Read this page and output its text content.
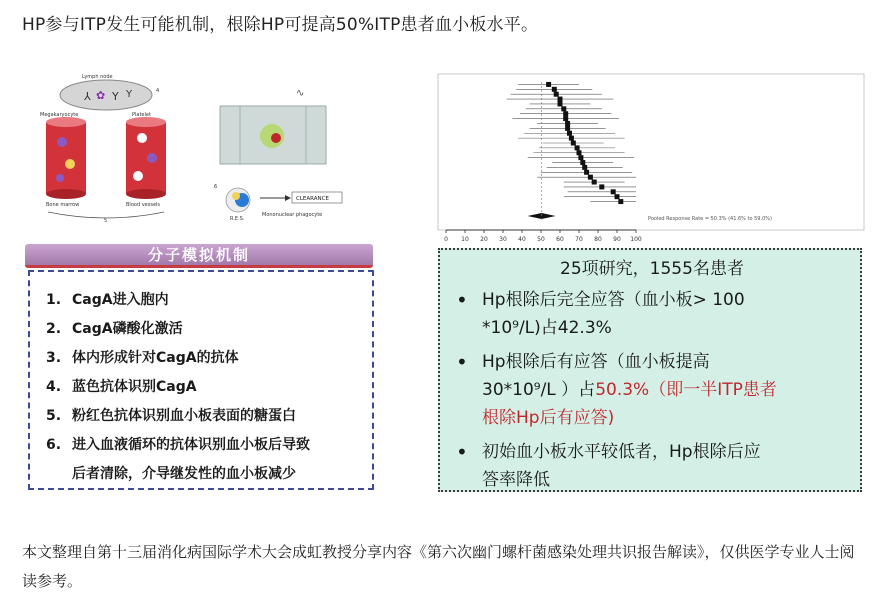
HP参与ITP发生可能机制，根除HP可提高50%ITP患者血小板水平。
Lymph node
⅄ ✿ Y Y
Megakaryocyte
Bone marrow
Platelet
Blood vessels
∿
CLEARANCE
R.E.S.
Mononuclear phagocyte
4
6
5
分子模拟机制
1. CagA进入胞内
2. CagA磷酸化激活
3. 体内形成针对CagA的抗体
4. 蓝色抗体识别CagA
5. 粉红色抗体识别血小板表面的糖蛋白
6. 进入血液循环的抗体识别血小板后导致
后者清除，介导继发性的血小板减少
0 10 20 30 40 50 60 70 80 90 100
Pooled Response Rate = 50.3% (41.6% to 59.0%)
25项研究，1555名患者
• Hp根除后完全应答（血小板> 100
*10⁹/L)占42.3%
• Hp根除后有应答（血小板提高
30*10⁹/L ）占50.3%（即一半ITP患者
根除Hp后有应答)
• 初始血小板水平较低者，Hp根除后应
答率降低
本文整理自第十三届消化病国际学术大会成虹教授分享内容《第六次幽门螺杆菌感染处理共识报告解读》，仅供医学专业人士阅读参考。
